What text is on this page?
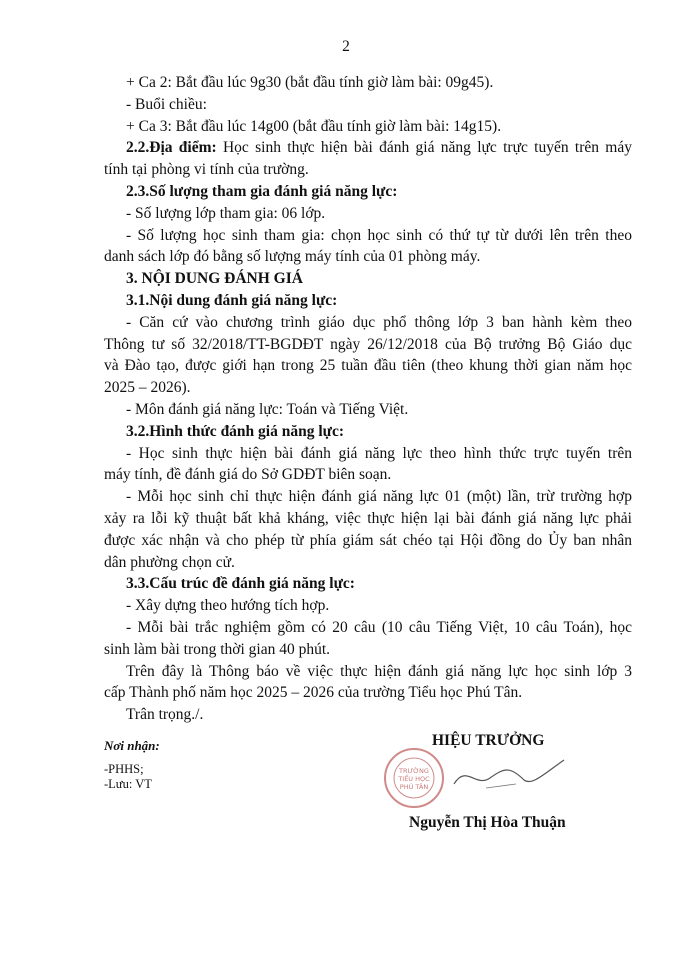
2
+ Ca 2: Bắt đầu lúc 9g30 (bắt đầu tính giờ làm bài: 09g45).
- Buổi chiều:
+ Ca 3: Bắt đầu lúc 14g00 (bắt đầu tính giờ làm bài: 14g15).
2.2.Địa điểm: Học sinh thực hiện bài đánh giá năng lực trực tuyến trên máy
tính tại phòng vi tính của trường.
2.3.Số lượng tham gia đánh giá năng lực:
- Số lượng lớp tham gia: 06 lớp.
- Số lượng học sinh tham gia: chọn học sinh có thứ tự từ dưới lên trên theo
danh sách lớp đó bằng số lượng máy tính của 01 phòng máy.
3. NỘI DUNG ĐÁNH GIÁ
3.1.Nội dung đánh giá năng lực:
- Căn cứ vào chương trình giáo dục phổ thông lớp 3 ban hành kèm theo
Thông tư số 32/2018/TT-BGDĐT ngày 26/12/2018 của Bộ trưởng Bộ Giáo dục
và Đào tạo, được giới hạn trong 25 tuần đầu tiên (theo khung thời gian năm học
2025 – 2026).
- Môn đánh giá năng lực: Toán và Tiếng Việt.
3.2.Hình thức đánh giá năng lực:
- Học sinh thực hiện bài đánh giá năng lực theo hình thức trực tuyến trên
máy tính, đề đánh giá do Sở GDĐT biên soạn.
- Mỗi học sinh chỉ thực hiện đánh giá năng lực 01 (một) lần, trừ trường hợp
xảy ra lỗi kỹ thuật bất khả kháng, việc thực hiện lại bài đánh giá năng lực phải
được xác nhận và cho phép từ phía giám sát chéo tại Hội đồng do Ủy ban nhân
dân phường chọn cử.
3.3.Cấu trúc đề đánh giá năng lực:
- Xây dựng theo hướng tích hợp.
- Mỗi bài trắc nghiệm gồm có 20 câu (10 câu Tiếng Việt, 10 câu Toán), học
sinh làm bài trong thời gian 40 phút.
Trên đây là Thông báo về việc thực hiện đánh giá năng lực học sinh lớp 3
cấp Thành phố năm học 2025 – 2026 của trường Tiểu học Phú Tân.
Trân trọng./.
Nơi nhận:
-PHHS;
-Lưu: VT
HIỆU TRƯỞNG
TRƯỜNG
TIỂU HỌC
PHÚ TÂN
Nguyễn Thị Hòa Thuận
